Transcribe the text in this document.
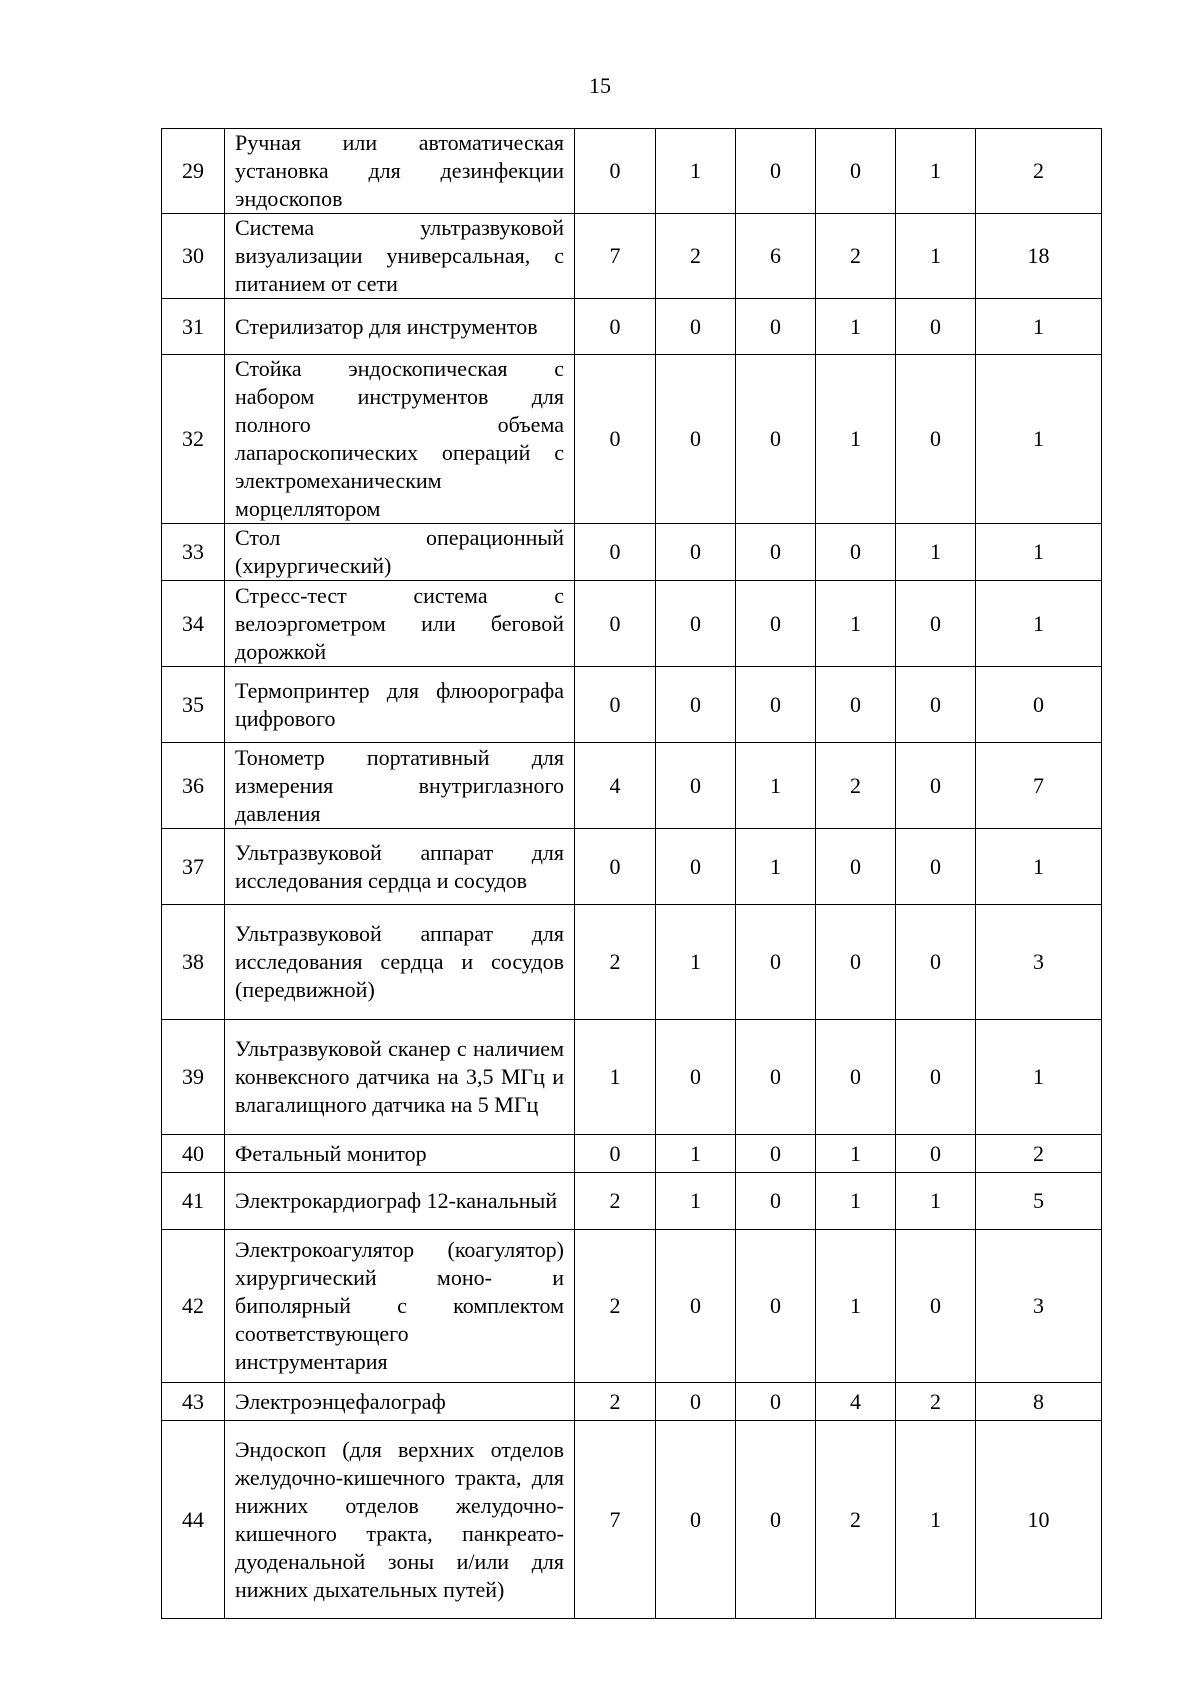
15
29	Ручная или автоматическая установка для дезинфекции эндоскопов	0	1	0	0	1	2
30	Система ультразвуковой визуализации универсальная, с питанием от сети	7	2	6	2	1	18
31	Стерилизатор для инструментов	0	0	0	1	0	1
32	Стойка эндоскопическая с набором инструментов для полного объема лапароскопических операций с электромеханическим морцеллятором	0	0	0	1	0	1
33	Стол операционный (хирургический)	0	0	0	0	1	1
34	Стресс-тест система с велоэргометром или беговой дорожкой	0	0	0	1	0	1
35	Термопринтер для флюорографа цифрового	0	0	0	0	0	0
36	Тонометр портативный для измерения внутриглазного давления	4	0	1	2	0	7
37	Ультразвуковой аппарат для исследования сердца и сосудов	0	0	1	0	0	1
38	Ультразвуковой аппарат для исследования сердца и сосудов (передвижной)	2	1	0	0	0	3
39	Ультразвуковой сканер с наличием конвексного датчика на 3,5 МГц и влагалищного датчика на 5 МГц	1	0	0	0	0	1
40	Фетальный монитор	0	1	0	1	0	2
41	Электрокардиограф 12-канальный	2	1	0	1	1	5
42	Электрокоагулятор (коагулятор) хирургический моно- и биполярный с комплектом соответствующего инструментария	2	0	0	1	0	3
43	Электроэнцефалограф	2	0	0	4	2	8
44	Эндоскоп (для верхних отделов желудочно-кишечного тракта, для нижних отделов желудочно-кишечного тракта, панкреато-дуоденальной зоны и/или для нижних дыхательных путей)	7	0	0	2	1	10
